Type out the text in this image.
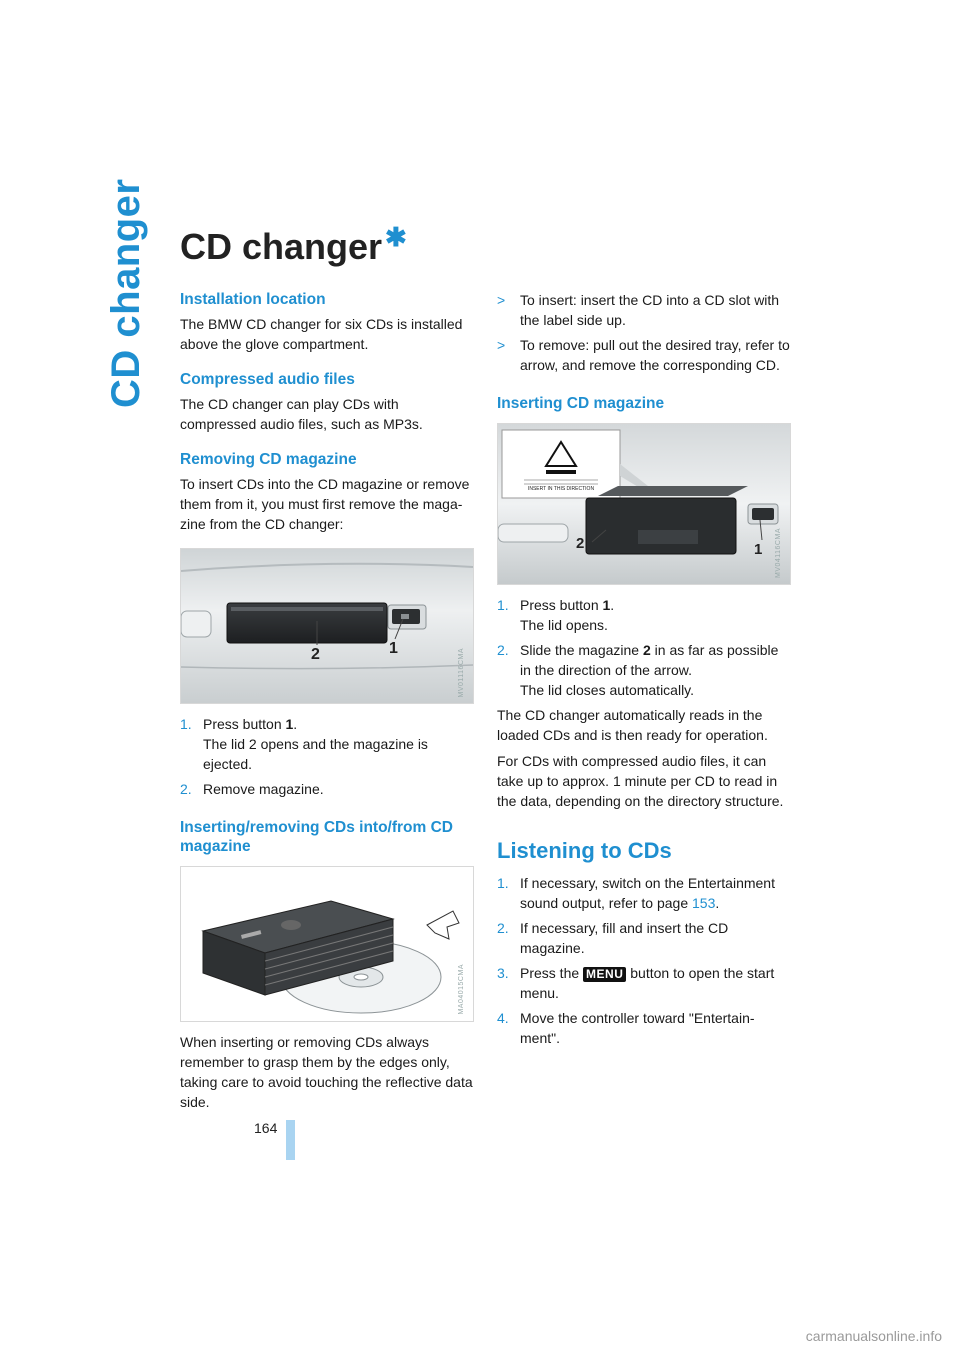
CD changer CD changer ✱
Installation location

The BMW CD changer for six CDs is installed above the glove compartment.

Compressed audio files

The CD changer can play CDs with compressed audio files, such as MP3s.

Removing CD magazine

To insert CDs into the CD magazine or remove them from it, you must first remove the maga-zine from the CD changer:

2	1	MV01116CMA
1. Press button 1.
The lid 2 opens and the magazine is ejected.
2. Remove magazine.
Inserting/removing CDs into/from CD magazine
MA04015CMA

When inserting or removing CDs always remember to grasp them by the edges only, taking care to avoid touching the reflective data side.

> To insert: insert the CD into a CD slot with the label side up.
> To remove: pull out the desired tray, refer to arrow, and remove the corresponding CD.
Inserting CD magazine
INSERT IN THIS DIRECTION
2	1	MV04116CMA
1. Press button 1.
The lid opens.
2. Slide the magazine 2 in as far as possible in the direction of the arrow.
The lid closes automatically.

The CD changer automatically reads in the loaded CDs and is then ready for operation.

For CDs with compressed audio files, it can take up to approx. 1 minute per CD to read in the data, depending on the directory structure.

Listening to CDs
1. If necessary, switch on the Entertainment sound output, refer to page 153.
2. If necessary, fill and insert the CD magazine.
3. Press the MENU button to open the start menu.
4. Move the controller toward "Entertain-ment".
164
carmanualsonline.info
